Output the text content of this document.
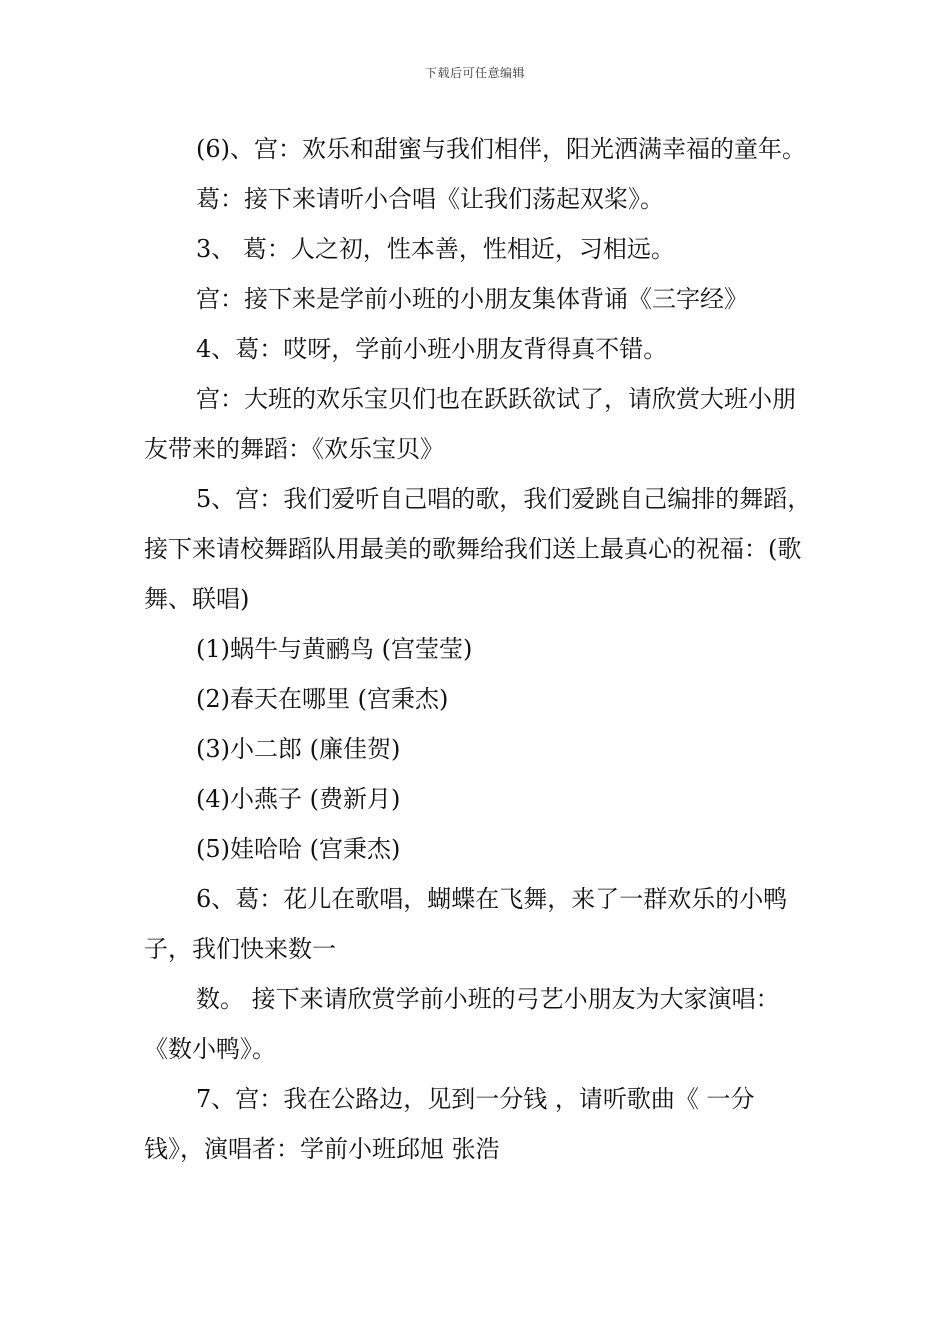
下载后可任意编辑

(6)、宫：欢乐和甜蜜与我们相伴，阳光洒满幸福的童年。

葛：接下来请听小合唱《让我们荡起双桨》。

3、 葛：人之初，性本善，性相近，习相远。

宫：接下来是学前小班的小朋友集体背诵《三字经》

4、葛：哎呀，学前小班小朋友背得真不错。

宫：大班的欢乐宝贝们也在跃跃欲试了，请欣赏大班小朋友带来的舞蹈：《欢乐宝贝》

5、宫：我们爱听自己唱的歌，我们爱跳自己编排的舞蹈，接下来请校舞蹈队用最美的歌舞给我们送上最真心的祝福：(歌舞、联唱)

(1)蜗牛与黄鹂鸟 (宫莹莹)

(2)春天在哪里 (宫秉杰)

(3)小二郎 (廉佳贺)

(4)小燕子 (费新月)

(5)娃哈哈 (宫秉杰)

6、葛：花儿在歌唱，蝴蝶在飞舞，来了一群欢乐的小鸭子，我们快来数一

数。 接下来请欣赏学前小班的弓艺小朋友为大家演唱：《数小鸭》。

7、宫：我在公路边，见到一分钱 ，请听歌曲《 一分钱》，演唱者：学前小班邱旭 张浩
